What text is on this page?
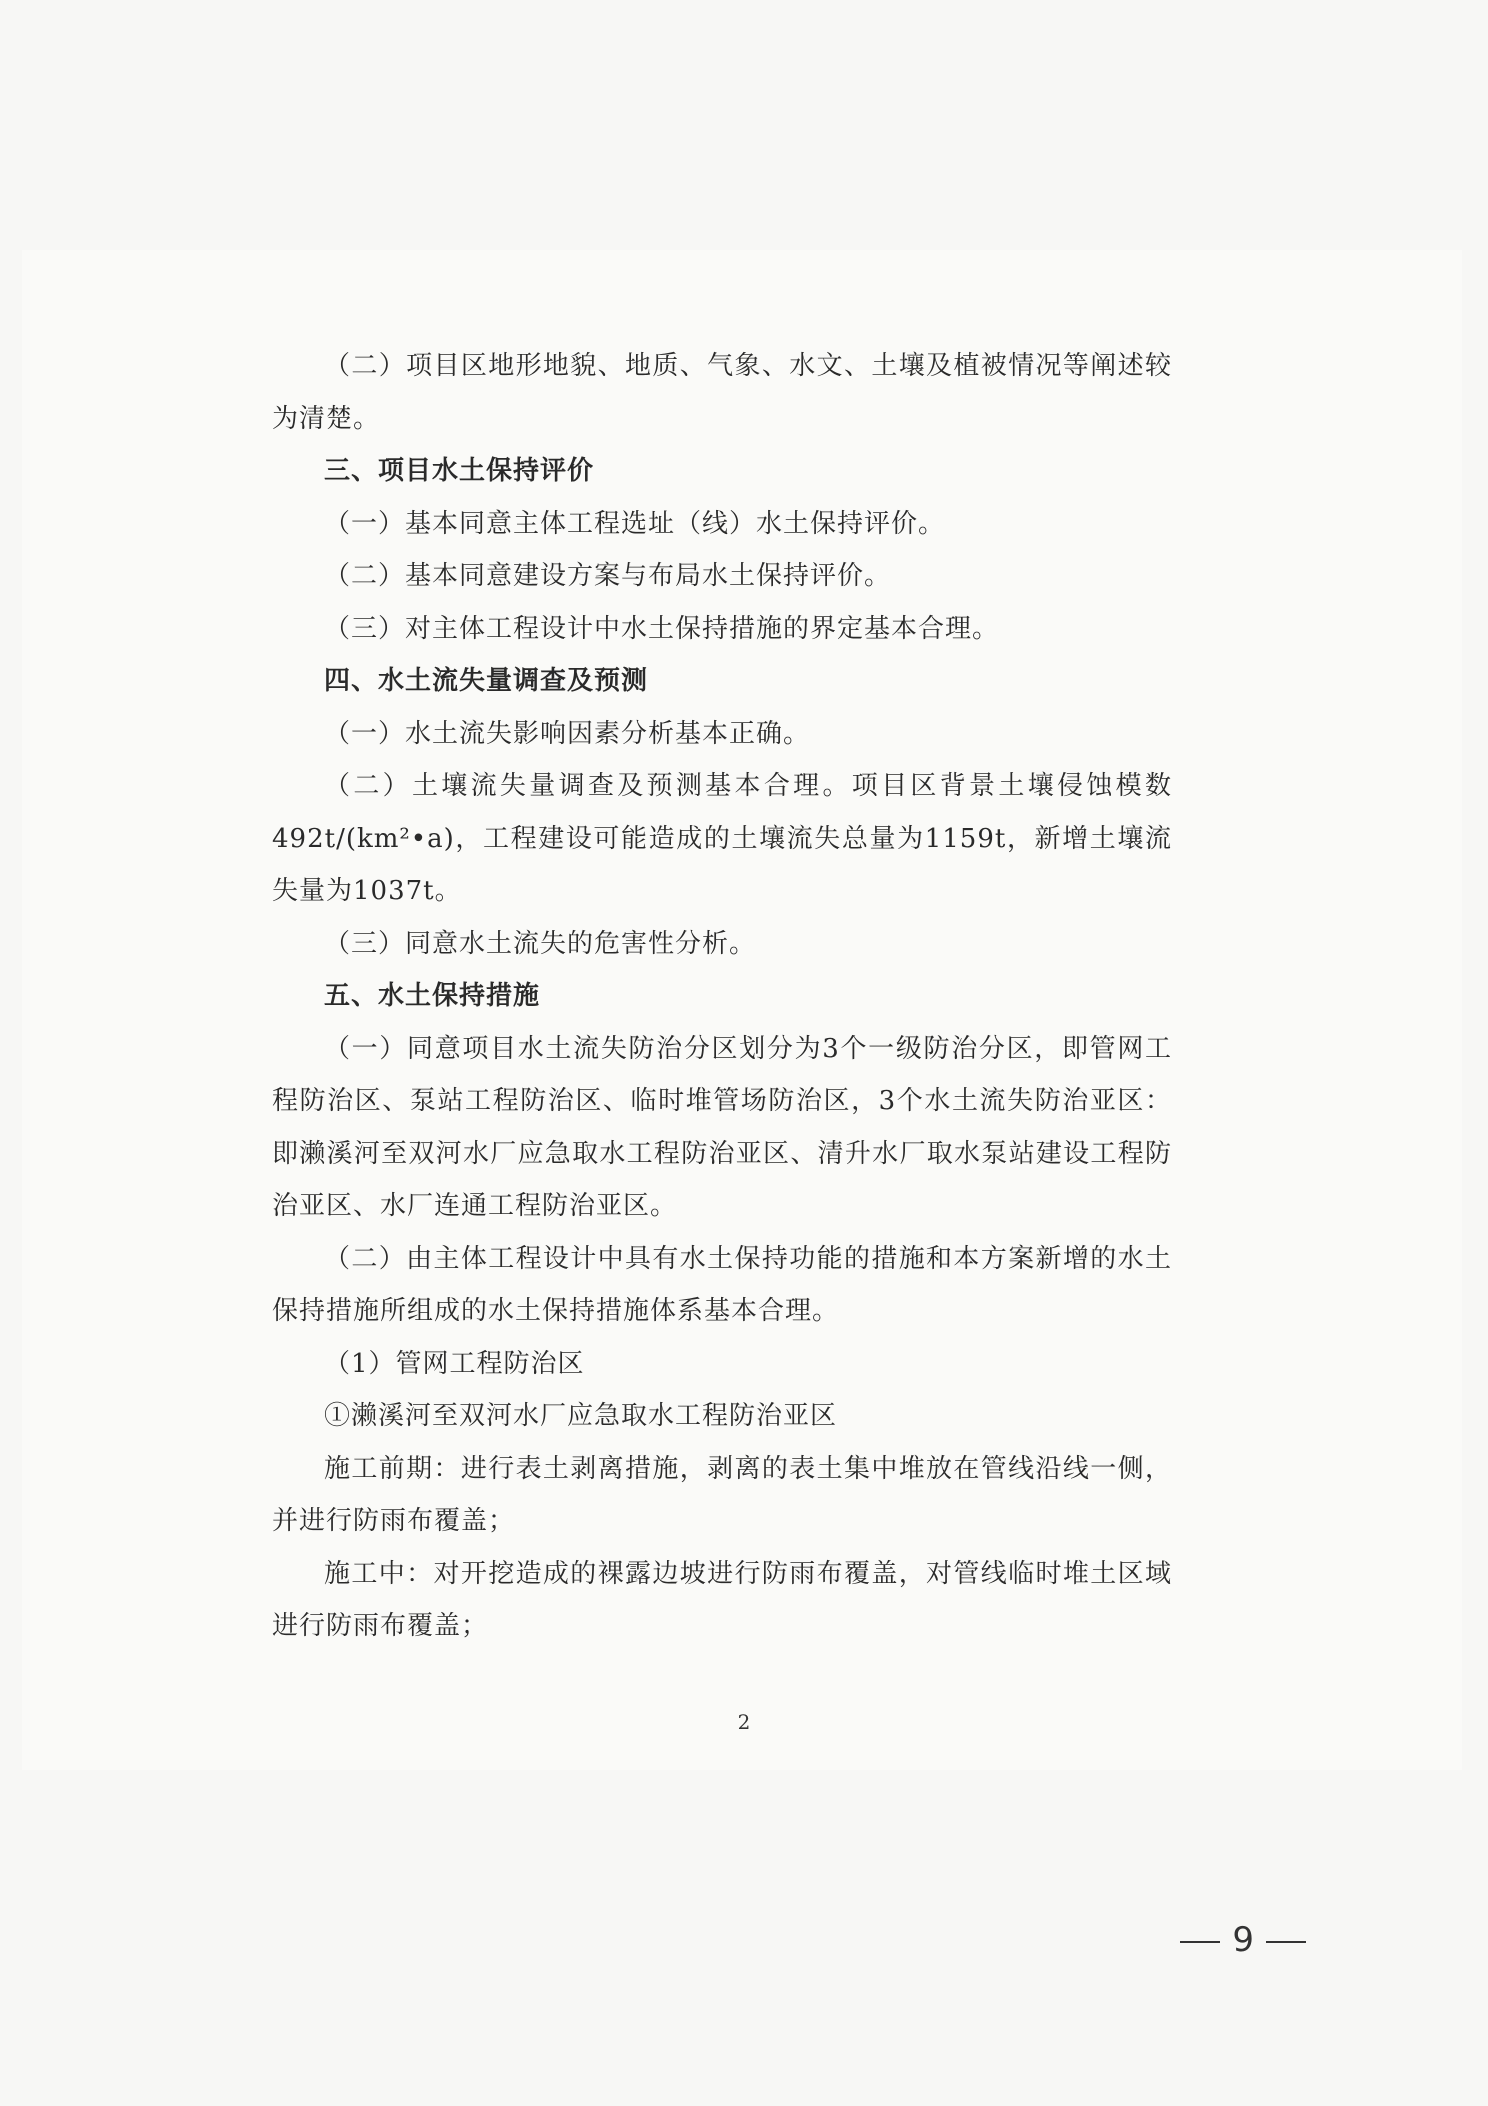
（二）项目区地形地貌、地质、气象、水文、土壤及植被情况等阐述较为清楚。

三、项目水土保持评价

（一）基本同意主体工程选址（线）水土保持评价。

（二）基本同意建设方案与布局水土保持评价。

（三）对主体工程设计中水土保持措施的界定基本合理。

四、水土流失量调查及预测

（一）水土流失影响因素分析基本正确。

（二）土壤流失量调查及预测基本合理。项目区背景土壤侵蚀模数492t/(km²•a)，工程建设可能造成的土壤流失总量为1159t，新增土壤流失量为1037t。

（三）同意水土流失的危害性分析。

五、水土保持措施

（一）同意项目水土流失防治分区划分为3个一级防治分区，即管网工程防治区、泵站工程防治区、临时堆管场防治区，3个水土流失防治亚区：即濑溪河至双河水厂应急取水工程防治亚区、清升水厂取水泵站建设工程防治亚区、水厂连通工程防治亚区。

（二）由主体工程设计中具有水土保持功能的措施和本方案新增的水土保持措施所组成的水土保持措施体系基本合理。

（1）管网工程防治区

①濑溪河至双河水厂应急取水工程防治亚区

施工前期：进行表土剥离措施，剥离的表土集中堆放在管线沿线一侧，并进行防雨布覆盖；

施工中：对开挖造成的裸露边坡进行防雨布覆盖，对管线临时堆土区域进行防雨布覆盖；

2
9
